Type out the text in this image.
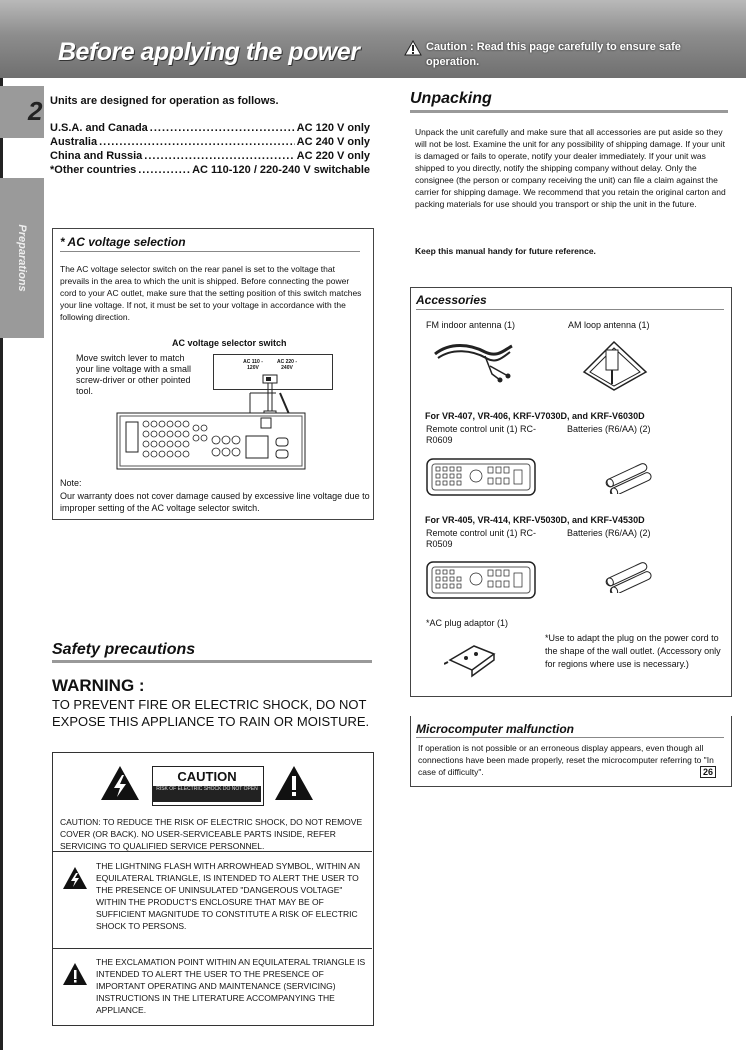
Before applying the power	Caution : Read this page carefully to ensure safe operation.
2
Preparations
Units are designed for operation as follows.
U.S.A. and Canada .....	AC 120 V only
Australia .....	AC 240 V only
China and Russia .....	AC 220 V only
*Other countries .....	AC 110-120 / 220-240 V switchable
* AC voltage selection
The AC voltage selector switch on the rear panel is set to the voltage that prevails in the area to which the unit is shipped. Before connecting the power cord to your AC outlet, make sure that the setting position of this switch matches your line voltage. If not, it must be set to your voltage in accordance with the following direction.
AC voltage selector switch
Move switch lever to match your line voltage with a small screw-driver or other pointed tool.
AC 110 - 120V
AC 220 - 240V
Note:
Our warranty does not cover damage caused by excessive line voltage due to improper setting of the AC voltage selector switch.
Safety precautions
WARNING :
TO PREVENT FIRE OR ELECTRIC SHOCK, DO NOT EXPOSE THIS APPLIANCE TO RAIN OR MOISTURE.
CAUTION
RISK OF ELECTRIC SHOCK DO NOT OPEN
CAUTION: TO REDUCE THE RISK OF ELECTRIC SHOCK, DO NOT REMOVE COVER (OR BACK). NO USER-SERVICEABLE PARTS INSIDE, REFER SERVICING TO QUALIFIED SERVICE PERSONNEL.
THE LIGHTNING FLASH WITH ARROWHEAD SYMBOL, WITHIN AN EQUILATERAL TRIANGLE, IS INTENDED TO ALERT THE USER TO THE PRESENCE OF UNINSULATED "DANGEROUS VOLTAGE" WITHIN THE PRODUCT'S ENCLOSURE THAT MAY BE OF SUFFICIENT MAGNITUDE TO CONSTITUTE A RISK OF ELECTRIC SHOCK TO PERSONS.
THE EXCLAMATION POINT WITHIN AN EQUILATERAL TRIANGLE IS INTENDED TO ALERT THE USER TO THE PRESENCE OF IMPORTANT OPERATING AND MAINTENANCE (SERVICING) INSTRUCTIONS IN THE LITERATURE ACCOMPANYING THE APPLIANCE.
Unpacking
Unpack the unit carefully and make sure that all accessories are put aside so they will not be lost. Examine the unit for any possibility of shipping damage. If your unit is damaged or fails to operate, notify your dealer immediately. If your unit was shipped to you directly, notify the shipping company without delay. Only the consignee (the person or company receiving the unit) can file a claim against the carrier for shipping damage. We recommend that you retain the original carton and packing materials for use should you transport or ship the unit in the future.
Keep this manual handy for future reference.
Accessories
FM indoor antenna (1)	AM loop antenna (1)
For VR-407, VR-406, KRF-V7030D, and KRF-V6030D
Remote control unit (1) RC-R0609
Batteries (R6/AA) (2)
For VR-405, VR-414, KRF-V5030D, and KRF-V4530D
Remote control unit (1) RC-R0509
Batteries (R6/AA) (2)
*AC plug adaptor (1)
*Use to adapt the plug on the power cord to the shape of the wall outlet. (Accessory only for regions where use is necessary.)
Microcomputer malfunction
If operation is not possible or an erroneous display appears, even though all connections have been made properly, reset the microcomputer referring to "In case of difficulty".	26
